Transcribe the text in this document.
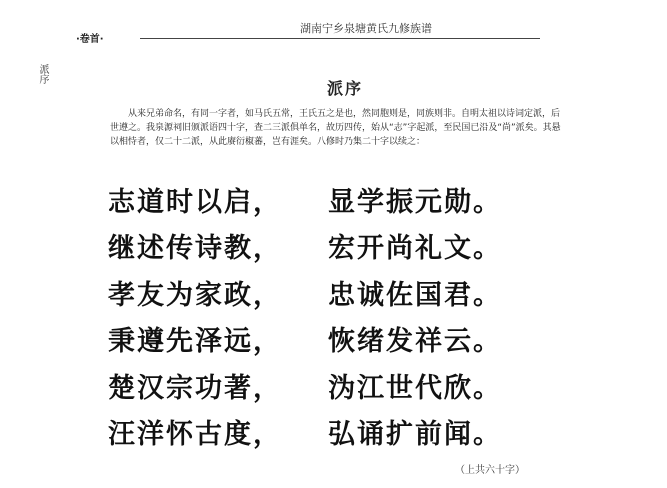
·卷首·
湖南宁乡泉塘黄氏九修族谱
派序
派序

从来兄弟命名，有同一字者，如马氏五常，王氏五之是也，然同胞则是，同族则非。自明太祖以诗词定派，后世遵之。我泉源祠旧颁派语四十字，查二三派俱单名，故历四传，始从“志”字起派，至民国已沿及“尚”派矣。其悬以相恃者，仅二十二派，从此赓衍椒蕃，岂有涯矣。八修时乃集二十字以续之：

志道时以启，	显学振元勋。
继述传诗教，	宏开尚礼文。
孝友为家政，	忠诚佐国君。
秉遵先泽远，	恢绪发祥云。
楚汉宗功著，	沩江世代欣。
汪洋怀古度，	弘诵扩前闻。
（上共六十字）
